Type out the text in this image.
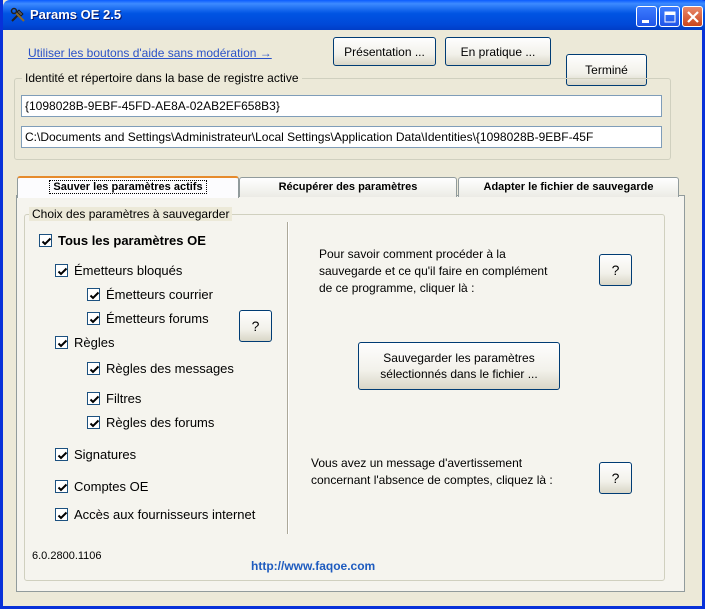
Params OE 2.5
Utiliser les boutons d'aide sans modération →	Présentation ...	En pratique ...
Terminé
Identité et répertoire dans la base de registre active
{1098028B-9EBF-45FD-AE8A-02AB2EF658B3}
C:\Documents and Settings\Administrateur\Local Settings\Application Data\Identities\{1098028B-9EBF-45F
Récupérer des paramètres	Adapter le fichier de sauvegarde
Sauver les paramètres actifs
Choix des paramètres à sauvegarder
Tous les paramètres OE
Émetteurs bloqués
Émetteurs courrier
Émetteurs forums
Règles
Règles des messages
Filtres
Règles des forums
Signatures
Comptes OE
Accès aux fournisseurs internet
?
Pour savoir comment procéder à la
sauvegarde et ce qu'il faire en complément
de ce programme, cliquer là :
?
Sauvegarder les paramètres
sélectionnés dans le fichier ...
Vous avez un message d'avertissement
concernant l'absence de comptes, cliquez là :	?
6.0.2800.1106
http://www.faqoe.com
